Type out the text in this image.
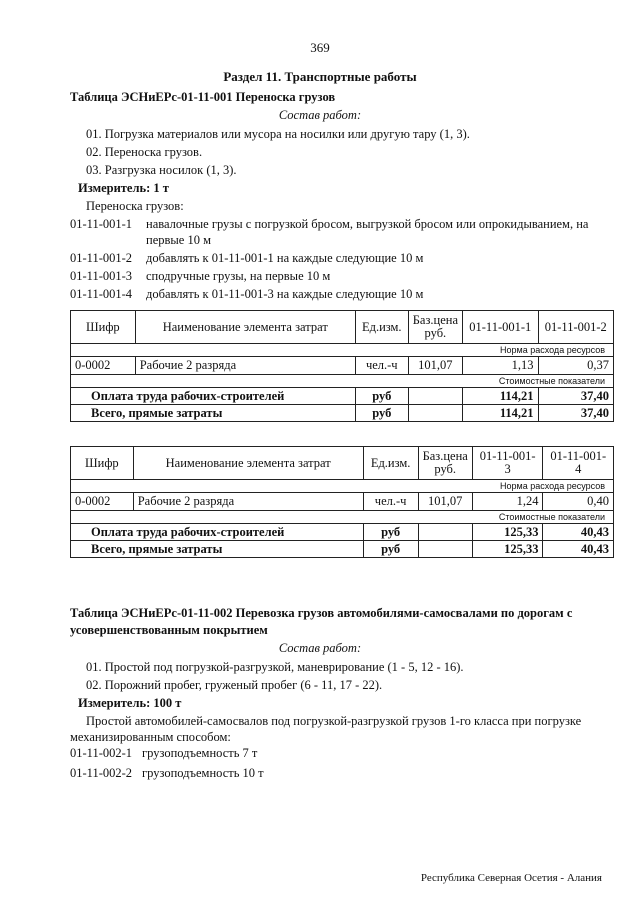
369
Раздел 11. Транспортные работы
Таблица ЭСНиЕРс-01-11-001 Переноска грузов
Состав работ:
01. Погрузка материалов или мусора на носилки или другую тару (1, 3).
02. Переноска грузов.
03. Разгрузка носилок (1, 3).
Измеритель: 1 т
Переноска грузов:
01-11-001-1 навалочные грузы с погрузкой бросом, выгрузкой бросом или опрокидыванием, на
первые 10 м
01-11-001-2 добавлять к 01-11-001-1 на каждые следующие 10 м
01-11-001-3 сподручные грузы, на первые 10 м
01-11-001-4 добавлять к 01-11-001-3 на каждые следующие 10 м
Шифр	Наименование элемента затрат	Ед.изм.	Баз.цена руб.	01-11-001-1	01-11-001-2
Норма расхода ресурсов					
0-0002	Рабочие 2 разряда	чел.-ч	101,07	1,13	0,37
Стоимостные показатели					
Оплата труда рабочих-строителей		руб		114,21	37,40
Всего, прямые затраты		руб		114,21	37,40
Шифр	Наименование элемента затрат	Ед.изм.	Баз.цена руб.	01-11-001-3	01-11-001-4
Норма расхода ресурсов					
0-0002	Рабочие 2 разряда	чел.-ч	101,07	1,24	0,40
Стоимостные показатели					
Оплата труда рабочих-строителей		руб		125,33	40,43
Всего, прямые затраты		руб		125,33	40,43
Таблица ЭСНиЕРс-01-11-002 Перевозка грузов автомобилями-самосвалами по дорогам с
усовершенствованным покрытием
Состав работ:
01. Простой под погрузкой-разгрузкой, маневрирование (1 - 5, 12 - 16).
02. Порожний пробег, груженый пробег (6 - 11, 17 - 22).
Измеритель: 100 т
Простой автомобилей-самосвалов под погрузкой-разгрузкой грузов 1-го класса при погрузке
механизированным способом:
01-11-002-1 грузоподъемность 7 т
01-11-002-2 грузоподъемность 10 т
Республика Северная Осетия - Алания
